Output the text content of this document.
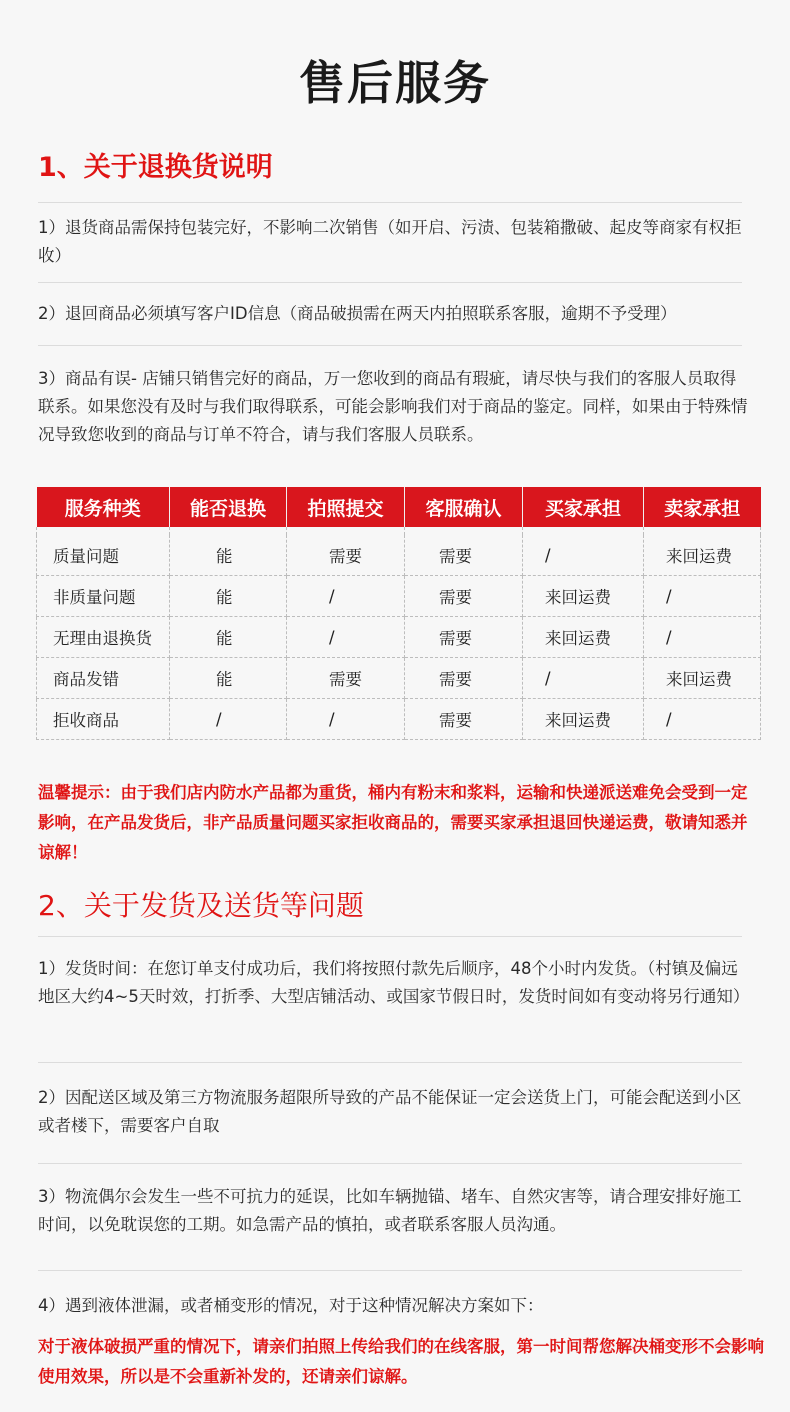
售后服务
1、关于退换货说明
1）退货商品需保持包装完好，不影响二次销售（如开启、污渍、包装箱撒破、起皮等商家有权拒收）
2）退回商品必须填写客户ID信息（商品破损需在两天内拍照联系客服，逾期不予受理）
3）商品有误- 店铺只销售完好的商品，万一您收到的商品有瑕疵，请尽快与我们的客服人员取得联系。如果您没有及时与我们取得联系，可能会影响我们对于商品的鉴定。同样，如果由于特殊情况导致您收到的商品与订单不符合，请与我们客服人员联系。
服务种类	能否退换	拍照提交	客服确认	买家承担	卖家承担

质量问题	能	需要	需要	/	来回运费
非质量问题	能	/	需要	来回运费	/
无理由退换货	能	/	需要	来回运费	/
商品发错	能	需要	需要	/	来回运费
拒收商品	/	/	需要	来回运费	/
温馨提示：由于我们店内防水产品都为重货，桶内有粉末和浆料，运输和快递派送难免会受到一定影响，在产品发货后，非产品质量问题买家拒收商品的，需要买家承担退回快递运费，敬请知悉并谅解！
2、关于发货及送货等问题
1）发货时间：在您订单支付成功后，我们将按照付款先后顺序，48个小时内发货。（村镇及偏远地区大约4~5天时效，打折季、大型店铺活动、或国家节假日时，发货时间如有变动将另行通知）
2）因配送区域及第三方物流服务超限所导致的产品不能保证一定会送货上门，可能会配送到小区或者楼下，需要客户自取
3）物流偶尔会发生一些不可抗力的延误，比如车辆抛锚、堵车、自然灾害等，请合理安排好施工时间，以免耽误您的工期。如急需产品的慎拍，或者联系客服人员沟通。
4）遇到液体泄漏，或者桶变形的情况，对于这种情况解决方案如下：
对于液体破损严重的情况下，请亲们拍照上传给我们的在线客服，第一时间帮您解决桶变形不会影响使用效果，所以是不会重新补发的，还请亲们谅解。
